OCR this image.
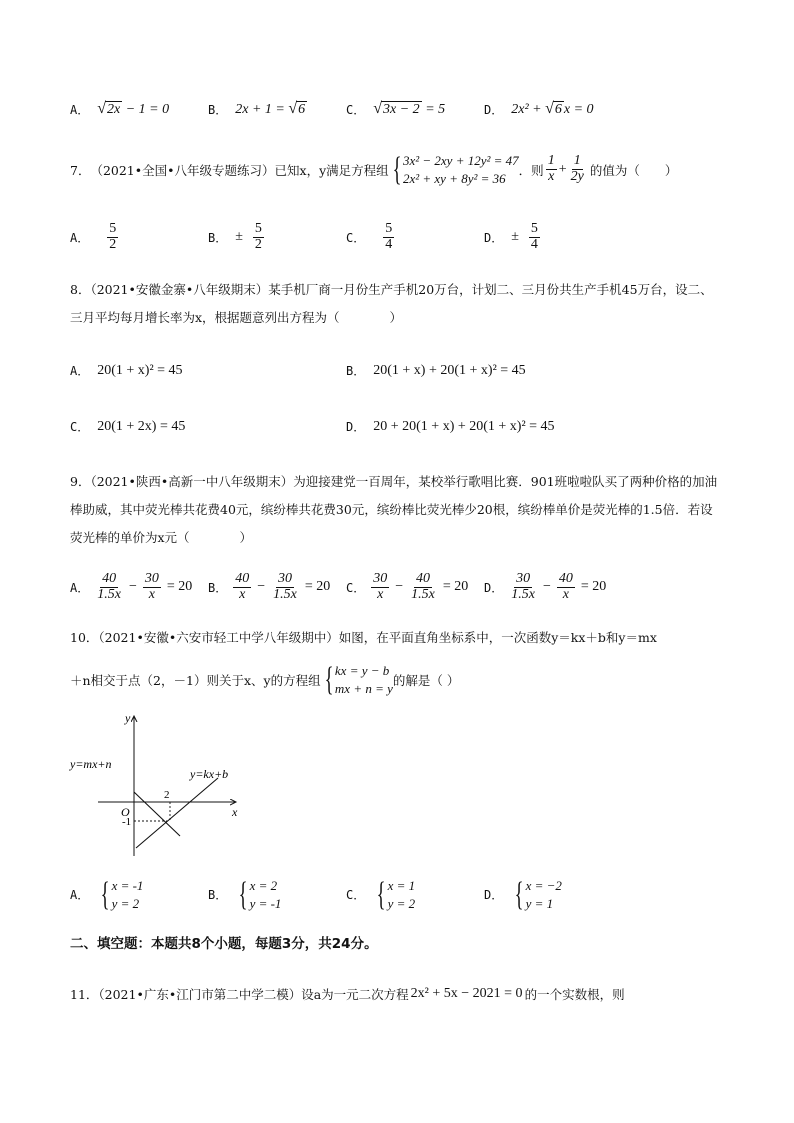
A． √ 2x − 1 = 0	B． 2x + 1 = √ 6	C． √ 3x − 2 = 5	D． 2x² + √ 6 x = 0
7． （2021•全国•八年级专题练习） 已知x，y满足方程组 { 3x² − 2xy + 12y² = 47
2x² + xy + 8y² = 36
．则 $\frac{1}{x} + \frac{1}{2y}$ 的值为（　　）
A． $\frac{5}{2}$	B． ± $\frac{5}{2}$	C． $\frac{5}{4}$	D． ± $\frac{5}{4}$
8．（2021•安徽金寨•八年级期末）某手机厂商一月份生产手机20万台，计划二、三月份共生产手机45万台，设二、三月平均每月增长率为x，根据题意列出方程为（　　　　）
A． 20(1 + x)² = 45	B． 20(1 + x) + 20(1 + x)² = 45
C． 20(1 + 2x) = 45	D． 20 + 20(1 + x) + 20(1 + x)² = 45
9．（2021•陕西•高新一中八年级期末）为迎接建党一百周年，某校举行歌唱比赛．901班啦啦队买了两种价格的加油棒助威，其中荧光棒共花费40元，缤纷棒共花费30元，缤纷棒比荧光棒少20根，缤纷棒单价是荧光棒的1.5倍．若设荧光棒的单价为x元（　　　　）
A． $\frac{40}{1.5x} - \frac{30}{x} = 20$ B． $\frac{40}{x} - \frac{30}{1.5x} = 20$ C． $\frac{30}{x} - \frac{40}{1.5x} = 20$ D． $\frac{30}{1.5x} - \frac{40}{x} = 20$
10．（2021•安徽•六安市轻工中学八年级期中）如图，在平面直角坐标系中，一次函数y＝kx＋b和y＝mx
＋n相交于点（2，－1）则关于x、y的方程组 { kx = y − b
mx + n = y
的解是（ ）
y
x
O
y=mx+n
y=kx+b
2
-1
A． { x = -1
y = 2
B． { x = 2
y = -1
C． { x = 1
y = 2
D． { x = −2
y = 1
二、填空题：本题共8个小题，每题3分，共24分。
11．（2021•广东•江门市第二中学二模）设a为一元二次方程 2x² + 5x − 2021 = 0 的一个实数根，则
